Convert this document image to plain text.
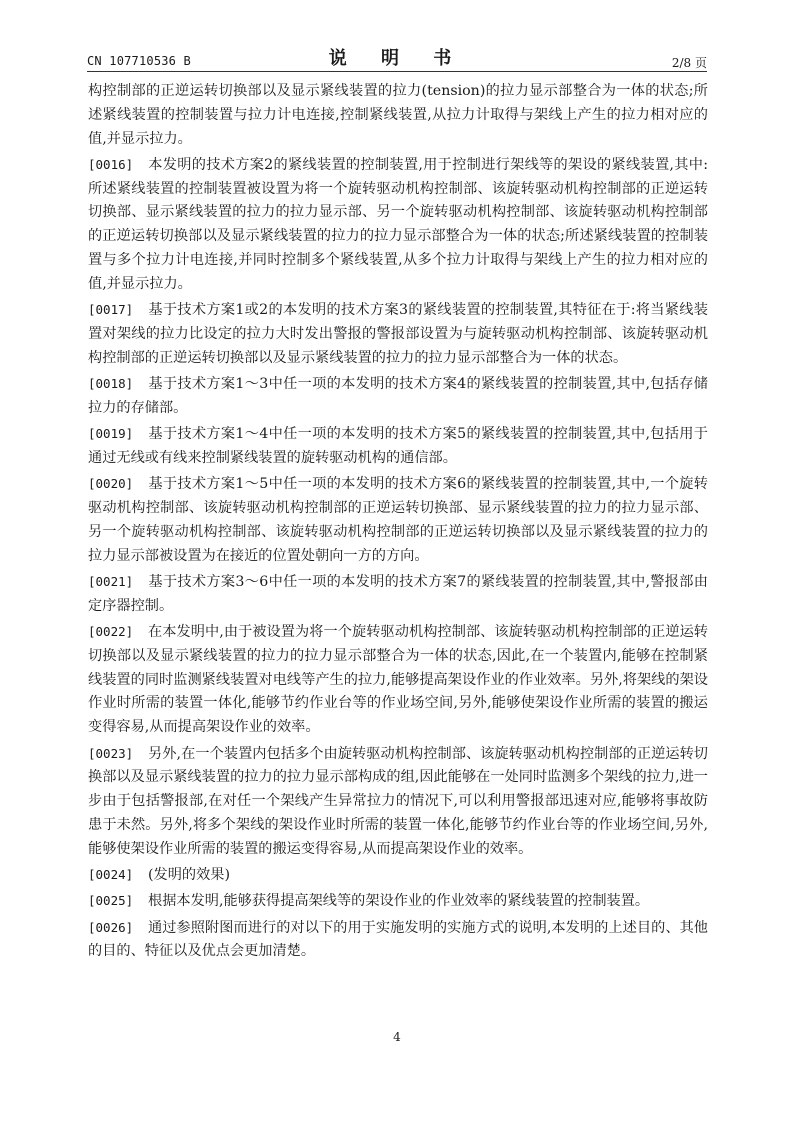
CN 107710536 B	说 明 书	2/8 页

构控制部的正逆运转切换部以及显示紧线装置的拉力(tension)的拉力显示部整合为一体的状态;所述紧线装置的控制装置与拉力计电连接,控制紧线装置,从拉力计取得与架线上产生的拉力相对应的值,并显示拉力。

[0016] 本发明的技术方案2的紧线装置的控制装置,用于控制进行架线等的架设的紧线装置,其中:所述紧线装置的控制装置被设置为将一个旋转驱动机构控制部、该旋转驱动机构控制部的正逆运转切换部、显示紧线装置的拉力的拉力显示部、另一个旋转驱动机构控制部、该旋转驱动机构控制部的正逆运转切换部以及显示紧线装置的拉力的拉力显示部整合为一体的状态;所述紧线装置的控制装置与多个拉力计电连接,并同时控制多个紧线装置,从多个拉力计取得与架线上产生的拉力相对应的值,并显示拉力。

[0017] 基于技术方案1或2的本发明的技术方案3的紧线装置的控制装置,其特征在于:将当紧线装置对架线的拉力比设定的拉力大时发出警报的警报部设置为与旋转驱动机构控制部、该旋转驱动机构控制部的正逆运转切换部以及显示紧线装置的拉力的拉力显示部整合为一体的状态。

[0018] 基于技术方案1～3中任一项的本发明的技术方案4的紧线装置的控制装置,其中,包括存储拉力的存储部。

[0019] 基于技术方案1～4中任一项的本发明的技术方案5的紧线装置的控制装置,其中,包括用于通过无线或有线来控制紧线装置的旋转驱动机构的通信部。

[0020] 基于技术方案1～5中任一项的本发明的技术方案6的紧线装置的控制装置,其中,一个旋转驱动机构控制部、该旋转驱动机构控制部的正逆运转切换部、显示紧线装置的拉力的拉力显示部、另一个旋转驱动机构控制部、该旋转驱动机构控制部的正逆运转切换部以及显示紧线装置的拉力的拉力显示部被设置为在接近的位置处朝向一方的方向。

[0021] 基于技术方案3～6中任一项的本发明的技术方案7的紧线装置的控制装置,其中,警报部由定序器控制。

[0022] 在本发明中,由于被设置为将一个旋转驱动机构控制部、该旋转驱动机构控制部的正逆运转切换部以及显示紧线装置的拉力的拉力显示部整合为一体的状态,因此,在一个装置内,能够在控制紧线装置的同时监测紧线装置对电线等产生的拉力,能够提高架设作业的作业效率。另外,将架线的架设作业时所需的装置一体化,能够节约作业台等的作业场空间,另外,能够使架设作业所需的装置的搬运变得容易,从而提高架设作业的效率。

[0023] 另外,在一个装置内包括多个由旋转驱动机构控制部、该旋转驱动机构控制部的正逆运转切换部以及显示紧线装置的拉力的拉力显示部构成的组,因此能够在一处同时监测多个架线的拉力,进一步由于包括警报部,在对任一个架线产生异常拉力的情况下,可以利用警报部迅速对应,能够将事故防患于未然。另外,将多个架线的架设作业时所需的装置一体化,能够节约作业台等的作业场空间,另外,能够使架设作业所需的装置的搬运变得容易,从而提高架设作业的效率。

[0024] (发明的效果)

[0025] 根据本发明,能够获得提高架线等的架设作业的作业效率的紧线装置的控制装置。

[0026] 通过参照附图而进行的对以下的用于实施发明的实施方式的说明,本发明的上述目的、其他的目的、特征以及优点会更加清楚。

4
